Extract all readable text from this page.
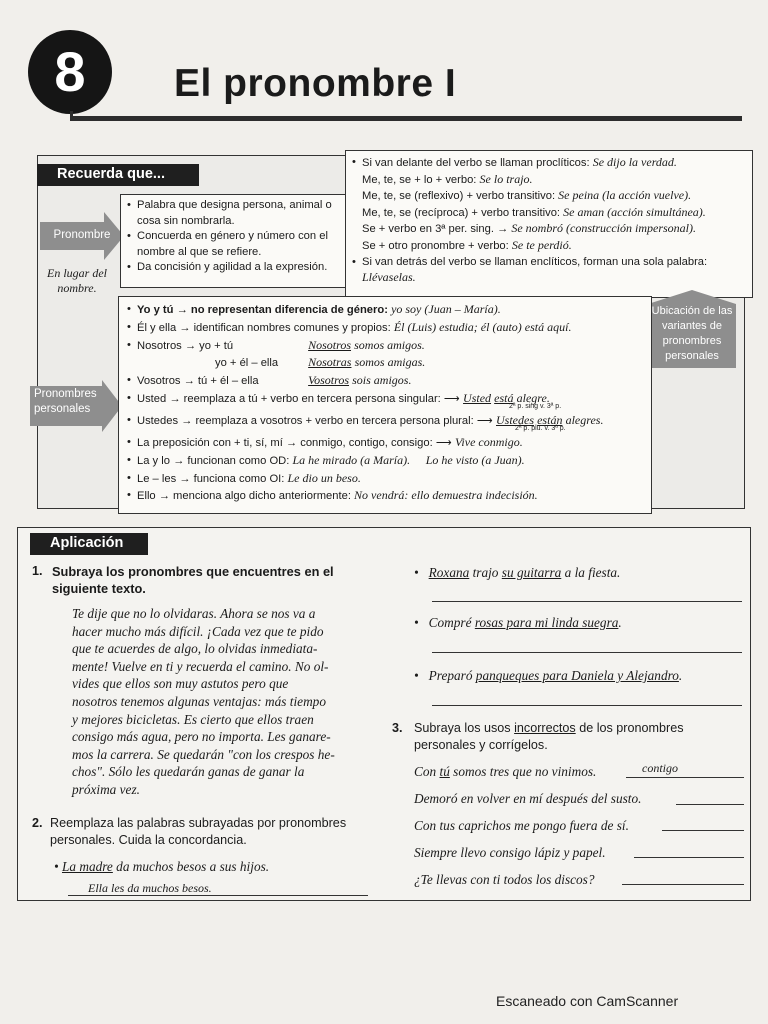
8	El pronombre I
Recuerda que...
Pronombre
En lugar del nombre.
• Palabra que designa persona, animal o cosa sin nombrarla.
• Concuerda en género y número con el nombre al que se refiere.
• Da concisión y agilidad a la expresión.
• Si van delante del verbo se llaman proclíticos: Se dijo la verdad.
Me, te, se + lo + verbo: Se lo trajo.
Me, te, se (reflexivo) + verbo transitivo: Se peina (la acción vuelve).
Me, te, se (recíproca) + verbo transitivo: Se aman (acción simultánea).
Se + verbo en 3ª per. sing. → Se nombró (construcción impersonal).
Se + otro pronombre + verbo: Se te perdió.
• Si van detrás del verbo se llaman enclíticos, forman una sola palabra:
Llévaselas.
Ubicación de las variantes de pronombres personales
Pronombres personales
• Yo y tú → no representan diferencia de género: yo soy (Juan – María).
• Él y ella → identifican nombres comunes y propios: Él (Luis) estudia; él (auto) está aquí.
• Nosotros → yo + tú	Nosotros somos amigos.
yo + él – ella Nosotras somos amigas.
• Vosotros → tú + él – ella	Vosotros sois amigos.
• Usted → reemplaza a tú + verbo en tercera persona singular: ⟶ Usted está alegre.
2ª p. sing v. 3ª p.
• Ustedes → reemplaza a vosotros + verbo en tercera persona plural: ⟶ Ustedes están alegres.
2ª p. plu. v. 3ª p.
• La preposición con + ti, sí, mí → conmigo, contigo, consigo: ⟶ Vive conmigo.
• La y lo → funcionan como OD: La he mirado (a María). Lo he visto (a Juan).
• Le – les → funciona como OI: Le dio un beso.
• Ello → menciona algo dicho anteriormente: No vendrá: ello demuestra indecisión.
Aplicación
1. Subraya los pronombres que encuentres en el siguiente texto.
Te dije que no lo olvidaras. Ahora se nos va a
hacer mucho más difícil. ¡Cada vez que te pido
que te acuerdes de algo, lo olvidas inmediata-
mente! Vuelve en ti y recuerda el camino. No ol-
vides que ellos son muy astutos pero que
nosotros tenemos algunas ventajas: más tiempo
y mejores bicicletas. Es cierto que ellos traen
consigo más agua, pero no importa. Les ganare-
mos la carrera. Se quedarán "con los crespos he-
chos". Sólo les quedarán ganas de ganar la
próxima vez.
2. Reemplaza las palabras subrayadas por pronombres personales. Cuida la concordancia.
• La madre da muchos besos a sus hijos.
Ella les da muchos besos.
• Roxana trajo su guitarra a la fiesta.
• Compré rosas para mi linda suegra.
• Preparó panqueques para Daniela y Alejandro.
3. Subraya los usos incorrectos de los pronombres personales y corrígelos.
Con tú somos tres que no vinimos.	contigo
Demoró en volver en mí después del susto.
Con tus caprichos me pongo fuera de sí.
Siempre llevo consigo lápiz y papel.
¿Te llevas con ti todos los discos?
Escaneado con CamScanner
